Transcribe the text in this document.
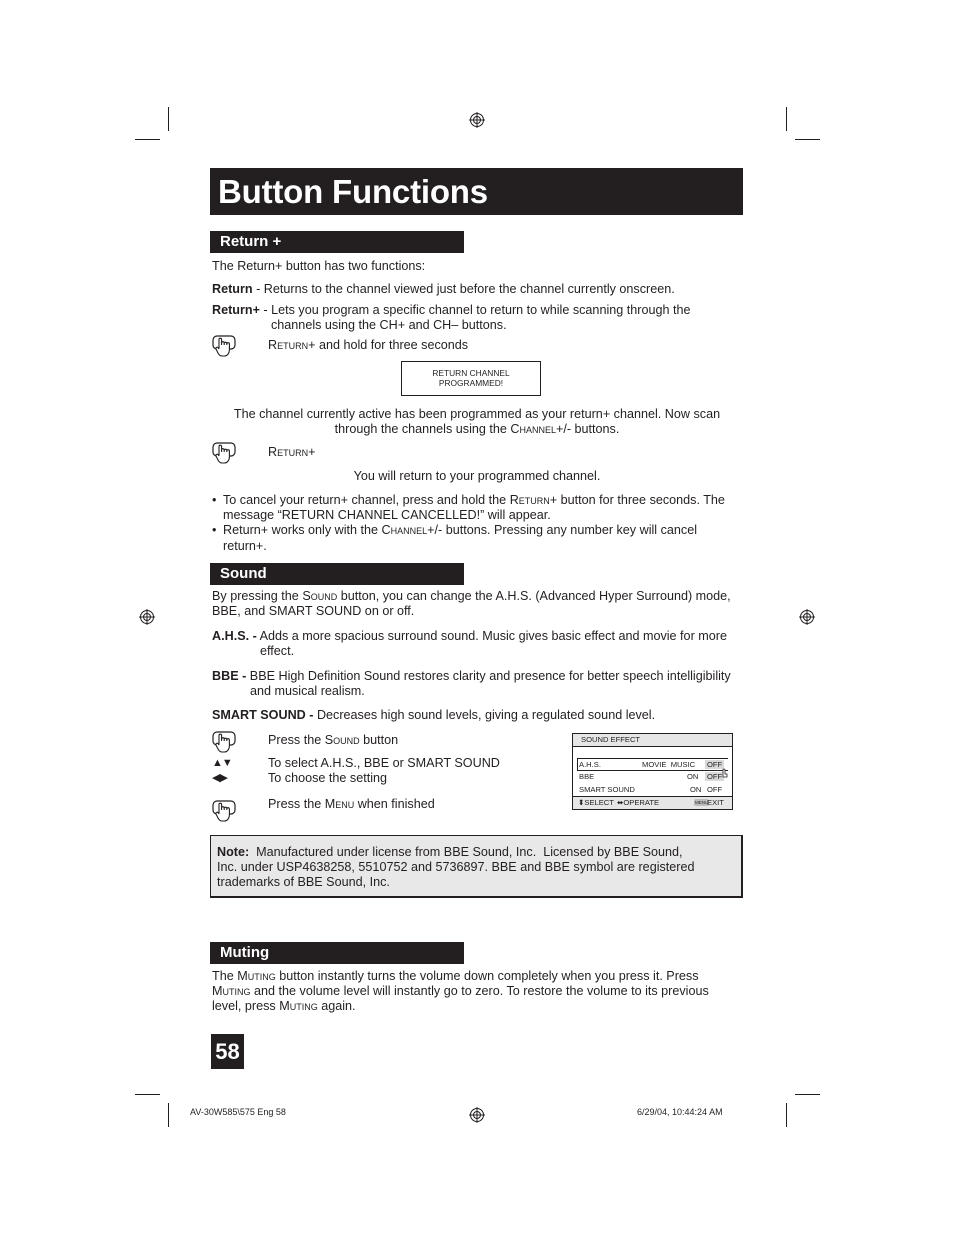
Button Functions
Return +
The Return+ button has two functions:
Return - Returns to the channel viewed just before the channel currently onscreen.
Return+ - Lets you program a specific channel to return to while scanning through the
channels using the CH+ and CH– buttons.
Return+ and hold for three seconds
RETURN CHANNEL
PROGRAMMED!
The channel currently active has been programmed as your return+ channel. Now scan
through the channels using the Channel+/- buttons.
Return+
You will return to your programmed channel.
• To cancel your return+ channel, press and hold the Return+ button for three seconds. The
message “RETURN CHANNEL CANCELLED!” will appear.
• Return+ works only with the Channel+/- buttons. Pressing any number key will cancel
return+.
Sound
By pressing the Sound button, you can change the A.H.S. (Advanced Hyper Surround) mode,
BBE, and SMART SOUND on or off.
A.H.S. - Adds a more spacious surround sound. Music gives basic effect and movie for more
effect.
BBE - BBE High Definition Sound restores clarity and presence for better speech intelligibility
and musical realism.
SMART SOUND - Decreases high sound levels, giving a regulated sound level.
Press the Sound button
▲▼	To select A.H.S., BBE or SMART SOUND
◀▶	To choose the setting
Press the Menu when finished
SOUND EFFECT
A.H.S.	MOVIE  MUSIC OFF
BBE	ON OFF
SMART SOUND	ON OFF
⬍SELECT ⬌OPERATE	MENU
EXIT
Note:  Manufactured under license from BBE Sound, Inc.  Licensed by BBE Sound,
Inc. under USP4638258, 5510752 and 5736897. BBE and BBE symbol are registered
trademarks of BBE Sound, Inc.
Muting
The Muting button instantly turns the volume down completely when you press it. Press
Muting and the volume level will instantly go to zero. To restore the volume to its previous
level, press Muting again.
58
AV-30W585\575 Eng 58	6/29/04, 10:44:24 AM
